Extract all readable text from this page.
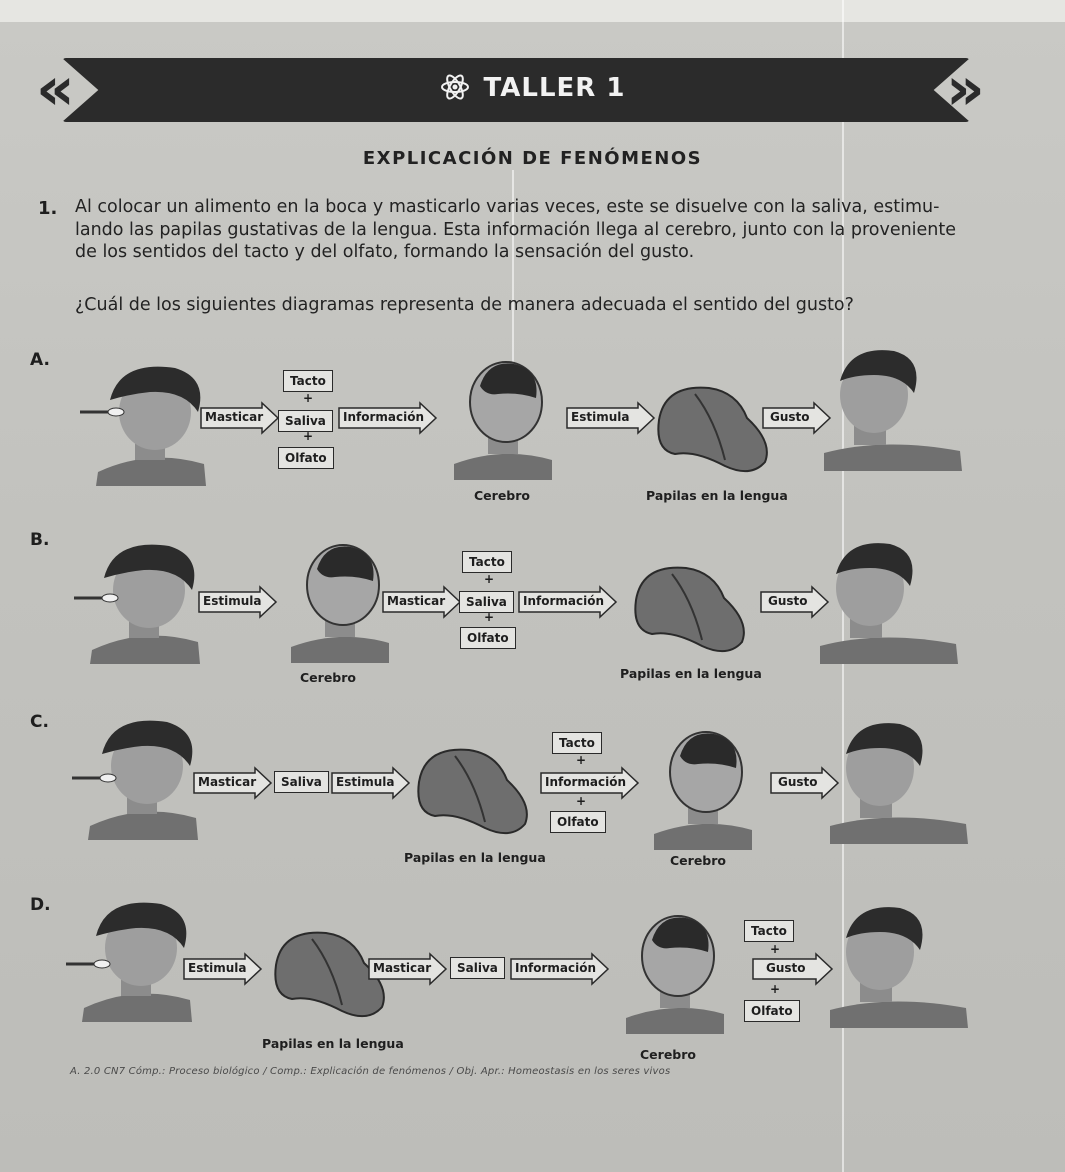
«	»
TALLER 1
EXPLICACIÓN DE FENÓMENOS
1. Al colocar un alimento en la boca y masticarlo varias veces, este se disuelve con la saliva, estimu-
lando las papilas gustativas de la lengua. Esta información llega al cerebro, junto con la proveniente
de los sentidos del tacto y del olfato, formando la sensación del gusto.
¿Cuál de los siguientes diagramas representa de manera adecuada el sentido del gusto?
A.
Tacto
+
Saliva
+
Olfato
Masticar	Información
Cerebro
Estimula
Papilas en la lengua
Gusto
B.
Estimula
Cerebro
Masticar
Tacto
+
Saliva
+
Olfato
Información
Papilas en la lengua
Gusto
C.
Masticar	Saliva	Estimula
Papilas en la lengua
Tacto
+
Información
+
Olfato
Cerebro
Gusto
D.
Estimula
Papilas en la lengua
Masticar	Saliva	Información
Cerebro
Tacto
+
Gusto
+
Olfato
A. 2.0 CN7 Cómp.: Proceso biológico / Comp.: Explicación de fenómenos / Obj. Apr.: Homeostasis en los seres vivos
